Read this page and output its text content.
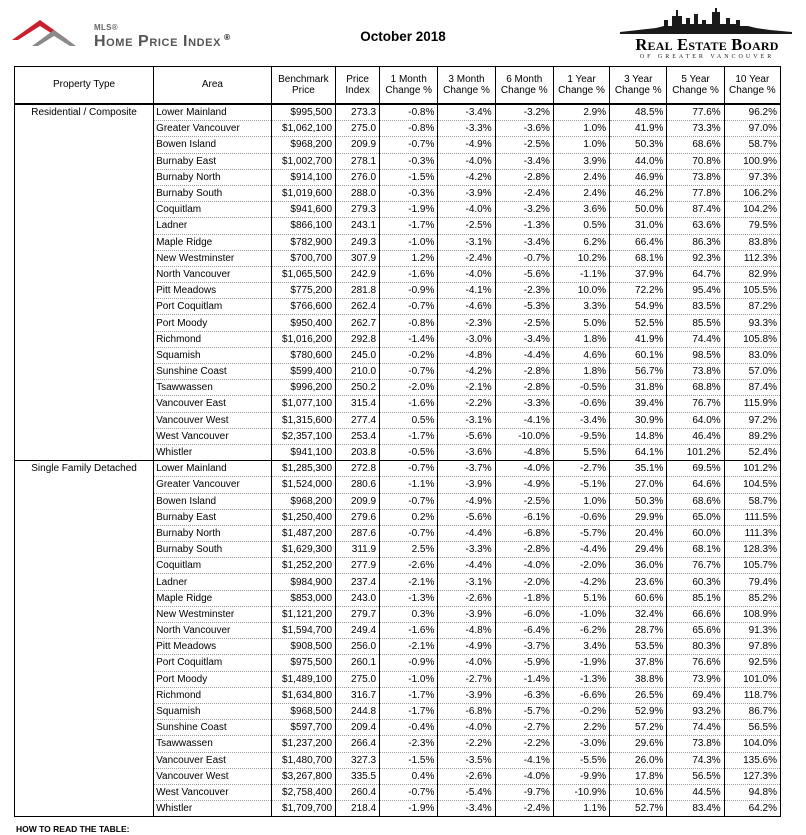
MLS®
Home Price Index ®	October 2018	Real Estate Board
OF GREATER VANCOUVER
Property Type	Area	Benchmark Price	Price Index	1 Month Change %	3 Month Change %	6 Month Change %	1 Year Change %	3 Year Change %	5 Year Change %	10 Year Change %
Residential / Composite	Lower Mainland	$995,500	273.3	-0.8%	-3.4%	-3.2%	2.9%	48.5%	77.6%	96.2%
	Greater Vancouver	$1,062,100	275.0	-0.8%	-3.3%	-3.6%	1.0%	41.9%	73.3%	97.0%
	Bowen Island	$968,200	209.9	-0.7%	-4.9%	-2.5%	1.0%	50.3%	68.6%	58.7%
	Burnaby East	$1,002,700	278.1	-0.3%	-4.0%	-3.4%	3.9%	44.0%	70.8%	100.9%
	Burnaby North	$914,100	276.0	-1.5%	-4.2%	-2.8%	2.4%	46.9%	73.8%	97.3%
	Burnaby South	$1,019,600	288.0	-0.3%	-3.9%	-2.4%	2.4%	46.2%	77.8%	106.2%
	Coquitlam	$941,600	279.3	-1.9%	-4.0%	-3.2%	3.6%	50.0%	87.4%	104.2%
	Ladner	$866,100	243.1	-1.7%	-2.5%	-1.3%	0.5%	31.0%	63.6%	79.5%
	Maple Ridge	$782,900	249.3	-1.0%	-3.1%	-3.4%	6.2%	66.4%	86.3%	83.8%
	New Westminster	$700,700	307.9	1.2%	-2.4%	-0.7%	10.2%	68.1%	92.3%	112.3%
	North Vancouver	$1,065,500	242.9	-1.6%	-4.0%	-5.6%	-1.1%	37.9%	64.7%	82.9%
	Pitt Meadows	$775,200	281.8	-0.9%	-4.1%	-2.3%	10.0%	72.2%	95.4%	105.5%
	Port Coquitlam	$766,600	262.4	-0.7%	-4.6%	-5.3%	3.3%	54.9%	83.5%	87.2%
	Port Moody	$950,400	262.7	-0.8%	-2.3%	-2.5%	5.0%	52.5%	85.5%	93.3%
	Richmond	$1,016,200	292.8	-1.4%	-3.0%	-3.4%	1.8%	41.9%	74.4%	105.8%
	Squamish	$780,600	245.0	-0.2%	-4.8%	-4.4%	4.6%	60.1%	98.5%	83.0%
	Sunshine Coast	$599,400	210.0	-0.7%	-4.2%	-2.8%	1.8%	56.7%	73.8%	57.0%
	Tsawwassen	$996,200	250.2	-2.0%	-2.1%	-2.8%	-0.5%	31.8%	68.8%	87.4%
	Vancouver East	$1,077,100	315.4	-1.6%	-2.2%	-3.3%	-0.6%	39.4%	76.7%	115.9%
	Vancouver West	$1,315,600	277.4	0.5%	-3.1%	-4.1%	-3.4%	30.9%	64.0%	97.2%
	West Vancouver	$2,357,100	253.4	-1.7%	-5.6%	-10.0%	-9.5%	14.8%	46.4%	89.2%
	Whistler	$941,100	203.8	-0.5%	-3.6%	-4.8%	5.5%	64.1%	101.2%	52.4%
Single Family Detached	Lower Mainland	$1,285,300	272.8	-0.7%	-3.7%	-4.0%	-2.7%	35.1%	69.5%	101.2%
	Greater Vancouver	$1,524,000	280.6	-1.1%	-3.9%	-4.9%	-5.1%	27.0%	64.6%	104.5%
	Bowen Island	$968,200	209.9	-0.7%	-4.9%	-2.5%	1.0%	50.3%	68.6%	58.7%
	Burnaby East	$1,250,400	279.6	0.2%	-5.6%	-6.1%	-0.6%	29.9%	65.0%	111.5%
	Burnaby North	$1,487,200	287.6	-0.7%	-4.4%	-6.8%	-5.7%	20.4%	60.0%	111.3%
	Burnaby South	$1,629,300	311.9	2.5%	-3.3%	-2.8%	-4.4%	29.4%	68.1%	128.3%
	Coquitlam	$1,252,200	277.9	-2.6%	-4.4%	-4.0%	-2.0%	36.0%	76.7%	105.7%
	Ladner	$984,900	237.4	-2.1%	-3.1%	-2.0%	-4.2%	23.6%	60.3%	79.4%
	Maple Ridge	$853,000	243.0	-1.3%	-2.6%	-1.8%	5.1%	60.6%	85.1%	85.2%
	New Westminster	$1,121,200	279.7	0.3%	-3.9%	-6.0%	-1.0%	32.4%	66.6%	108.9%
	North Vancouver	$1,594,700	249.4	-1.6%	-4.8%	-6.4%	-6.2%	28.7%	65.6%	91.3%
	Pitt Meadows	$908,500	256.0	-2.1%	-4.9%	-3.7%	3.4%	53.5%	80.3%	97.8%
	Port Coquitlam	$975,500	260.1	-0.9%	-4.0%	-5.9%	-1.9%	37.8%	76.6%	92.5%
	Port Moody	$1,489,100	275.0	-1.0%	-2.7%	-1.4%	-1.3%	38.8%	73.9%	101.0%
	Richmond	$1,634,800	316.7	-1.7%	-3.9%	-6.3%	-6.6%	26.5%	69.4%	118.7%
	Squamish	$968,500	244.8	-1.7%	-6.8%	-5.7%	-0.2%	52.9%	93.2%	86.7%
	Sunshine Coast	$597,700	209.4	-0.4%	-4.0%	-2.7%	2.2%	57.2%	74.4%	56.5%
	Tsawwassen	$1,237,200	266.4	-2.3%	-2.2%	-2.2%	-3.0%	29.6%	73.8%	104.0%
	Vancouver East	$1,480,700	327.3	-1.5%	-3.5%	-4.1%	-5.5%	26.0%	74.3%	135.6%
	Vancouver West	$3,267,800	335.5	0.4%	-2.6%	-4.0%	-9.9%	17.8%	56.5%	127.3%
	West Vancouver	$2,758,400	260.4	-0.7%	-5.4%	-9.7%	-10.9%	10.6%	44.5%	94.8%
	Whistler	$1,709,700	218.4	-1.9%	-3.4%	-2.4%	1.1%	52.7%	83.4%	64.2%
HOW TO READ THE TABLE:
